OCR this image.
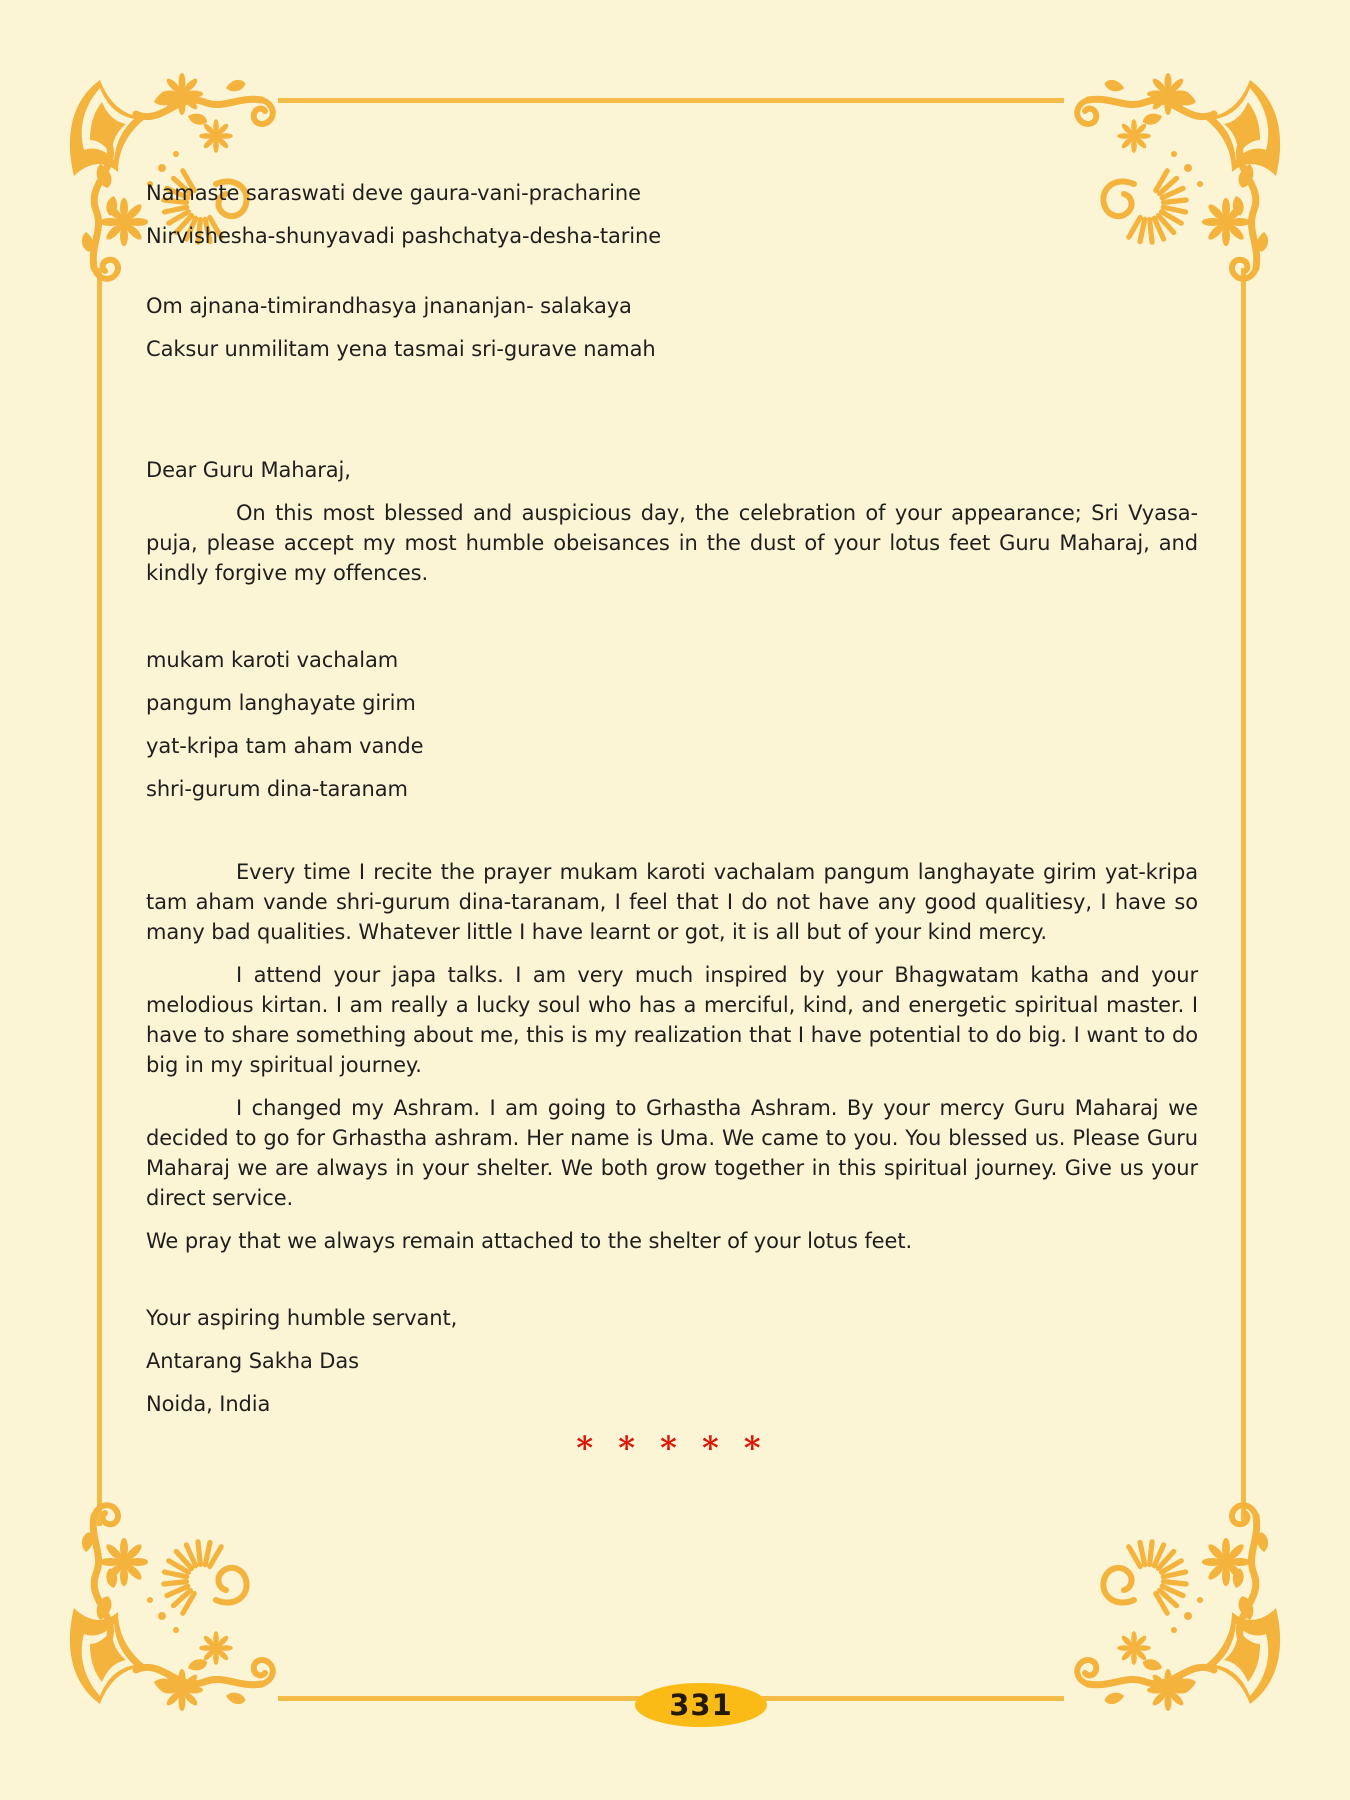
Namaste saraswati deve gaura-vani-pracharine

Nirvishesha-shunyavadi pashchatya-desha-tarine

Om ajnana-timirandhasya jnananjan- salakaya

Caksur unmilitam yena tasmai sri-gurave namah

Dear Guru Maharaj,

On this most blessed and auspicious day, the celebration of your appearance; Sri Vyasa-puja, please accept my most humble obeisances in the dust of your lotus feet Guru Maharaj, and kindly forgive my offences.

mukam karoti vachalam

pangum langhayate girim

yat-kripa tam aham vande

shri-gurum dina-taranam

Every time I recite the prayer mukam karoti vachalam pangum langhayate girim yat-kripa tam aham vande shri-gurum dina-taranam, I feel that I do not have any good qualitiesy, I have so many bad qualities. Whatever little I have learnt or got, it is all but of your kind mercy.

I attend your japa talks. I am very much inspired by your Bhagwatam katha and your melodious kirtan. I am really a lucky soul who has a merciful, kind, and energetic spiritual master. I have to share something about me, this is my realization that I have potential to do big. I want to do big in my spiritual journey.

I changed my Ashram. I am going to Grhastha Ashram. By your mercy Guru Maharaj we decided to go for Grhastha ashram. Her name is Uma. We came to you. You blessed us. Please Guru Maharaj we are always in your shelter. We both grow together in this spiritual journey. Give us your direct service.

We pray that we always remain attached to the shelter of your lotus feet.

Your aspiring humble servant,

Antarang Sakha Das

Noida, India

* * * * *

331
